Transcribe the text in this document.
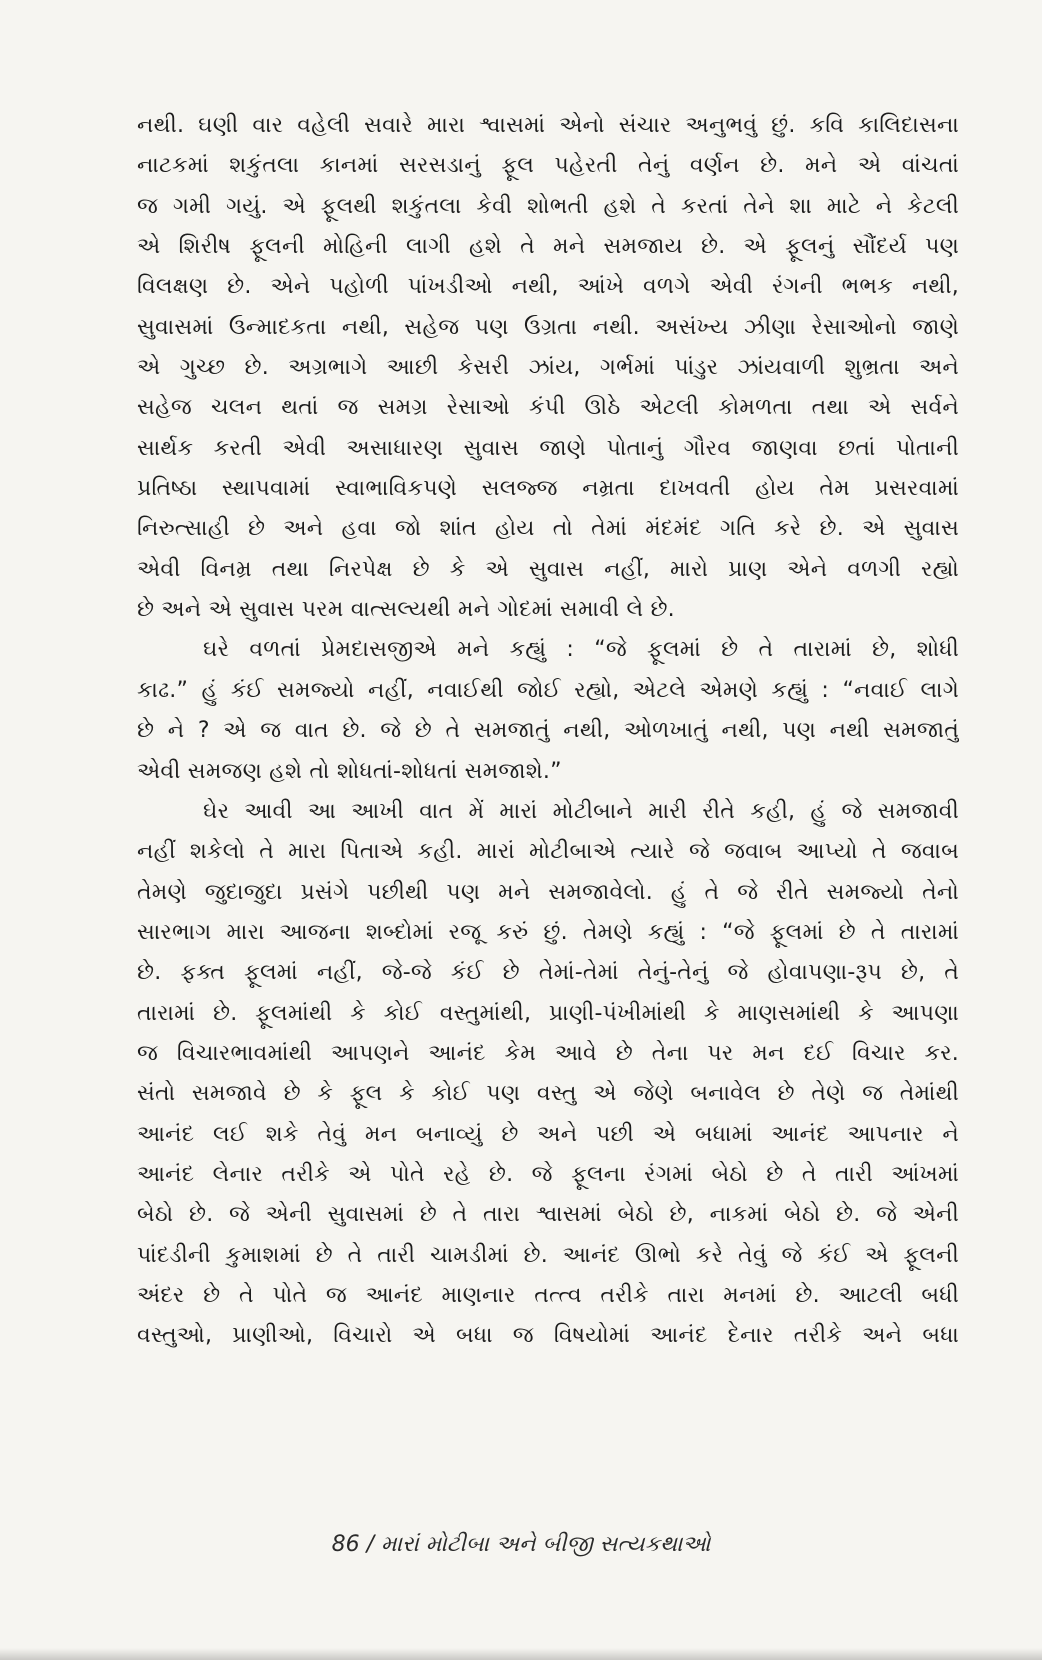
નથી. ઘણી વાર વહેલી સવારે મારા શ્વાસમાં એનો સંચાર અનુભવું છું. કવિ કાલિદાસના
નાટકમાં શકુંતલા કાનમાં સરસડાનું ફૂલ પહેરતી તેનું વર્ણન છે. મને એ વાંચતાં
જ ગમી ગયું. એ ફૂલથી શકુંતલા કેવી શોભતી હશે તે કરતાં તેને શા માટે ને કેટલી
એ શિરીષ ફૂલની મોહિની લાગી હશે તે મને સમજાય છે. એ ફૂલનું સૌંદર્ય પણ
વિલક્ષણ છે. એને પહોળી પાંખડીઓ નથી, આંખે વળગે એવી રંગની ભભક નથી,
સુવાસમાં ઉન્માદકતા નથી, સહેજ પણ ઉગ્રતા નથી. અસંખ્ય ઝીણા રેસાઓનો જાણે
એ ગુચ્છ છે. અગ્રભાગે આછી કેસરી ઝાંય, ગર્ભમાં પાંડુર ઝાંયવાળી શુભ્રતા અને
સહેજ ચલન થતાં જ સમગ્ર રેસાઓ કંપી ઊઠે એટલી કોમળતા તથા એ સર્વને
સાર્થક કરતી એવી અસાધારણ સુવાસ જાણે પોતાનું ગૌરવ જાણવા છતાં પોતાની
પ્રતિષ્ઠા સ્થાપવામાં સ્વાભાવિકપણે સલજ્જ નમ્રતા દાખવતી હોય તેમ પ્રસરવામાં
નિરુત્સાહી છે અને હવા જો શાંત હોય તો તેમાં મંદમંદ ગતિ કરે છે. એ સુવાસ
એવી વિનમ્ર તથા નિરપેક્ષ છે કે એ સુવાસ નહીં, મારો પ્રાણ એને વળગી રહ્યો
છે અને એ સુવાસ પરમ વાત્સલ્યથી મને ગોદમાં સમાવી લે છે.
ઘરે વળતાં પ્રેમદાસજીએ મને કહ્યું : “જે ફૂલમાં છે તે તારામાં છે, શોધી
કાઢ.” હું કંઈ સમજ્યો નહીં, નવાઈથી જોઈ રહ્યો, એટલે એમણે કહ્યું : “નવાઈ લાગે
છે ને ? એ જ વાત છે. જે છે તે સમજાતું નથી, ઓળખાતું નથી, પણ નથી સમજાતું
એવી સમજણ હશે તો શોધતાં-શોધતાં સમજાશે.”
ઘેર આવી આ આખી વાત મેં મારાં મોટીબાને મારી રીતે કહી, હું જે સમજાવી
નહીં શકેલો તે મારા પિતાએ કહી. મારાં મોટીબાએ ત્યારે જે જવાબ આપ્યો તે જવાબ
તેમણે જુદાજુદા પ્રસંગે પછીથી પણ મને સમજાવેલો. હું તે જે રીતે સમજ્યો તેનો
સારભાગ મારા આજના શબ્દોમાં રજૂ કરું છું. તેમણે કહ્યું : “જે ફૂલમાં છે તે તારામાં
છે. ફક્ત ફૂલમાં નહીં, જે-જે કંઈ છે તેમાં-તેમાં તેનું-તેનું જે હોવાપણા-રૂપ છે, તે
તારામાં છે. ફૂલમાંથી કે કોઈ વસ્તુમાંથી, પ્રાણી-પંખીમાંથી કે માણસમાંથી કે આપણા
જ વિચારભાવમાંથી આપણને આનંદ કેમ આવે છે તેના પર મન દઈ વિચાર કર.
સંતો સમજાવે છે કે ફૂલ કે કોઈ પણ વસ્તુ એ જેણે બનાવેલ છે તેણે જ તેમાંથી
આનંદ લઈ શકે તેવું મન બનાવ્યું છે અને પછી એ બધામાં આનંદ આપનાર ને
આનંદ લેનાર તરીકે એ પોતે રહે છે. જે ફૂલના રંગમાં બેઠો છે તે તારી આંખમાં
બેઠો છે. જે એની સુવાસમાં છે તે તારા શ્વાસમાં બેઠો છે, નાકમાં બેઠો છે. જે એની
પાંદડીની કુમાશમાં છે તે તારી ચામડીમાં છે. આનંદ ઊભો કરે તેવું જે કંઈ એ ફૂલની
અંદર છે તે પોતે જ આનંદ માણનાર તત્ત્વ તરીકે તારા મનમાં છે. આટલી બધી
વસ્તુઓ, પ્રાણીઓ, વિચારો એ બધા જ વિષયોમાં આનંદ દેનાર તરીકે અને બધા
86 / મારાં મોટીબા અને બીજી સત્યકથાઓ
